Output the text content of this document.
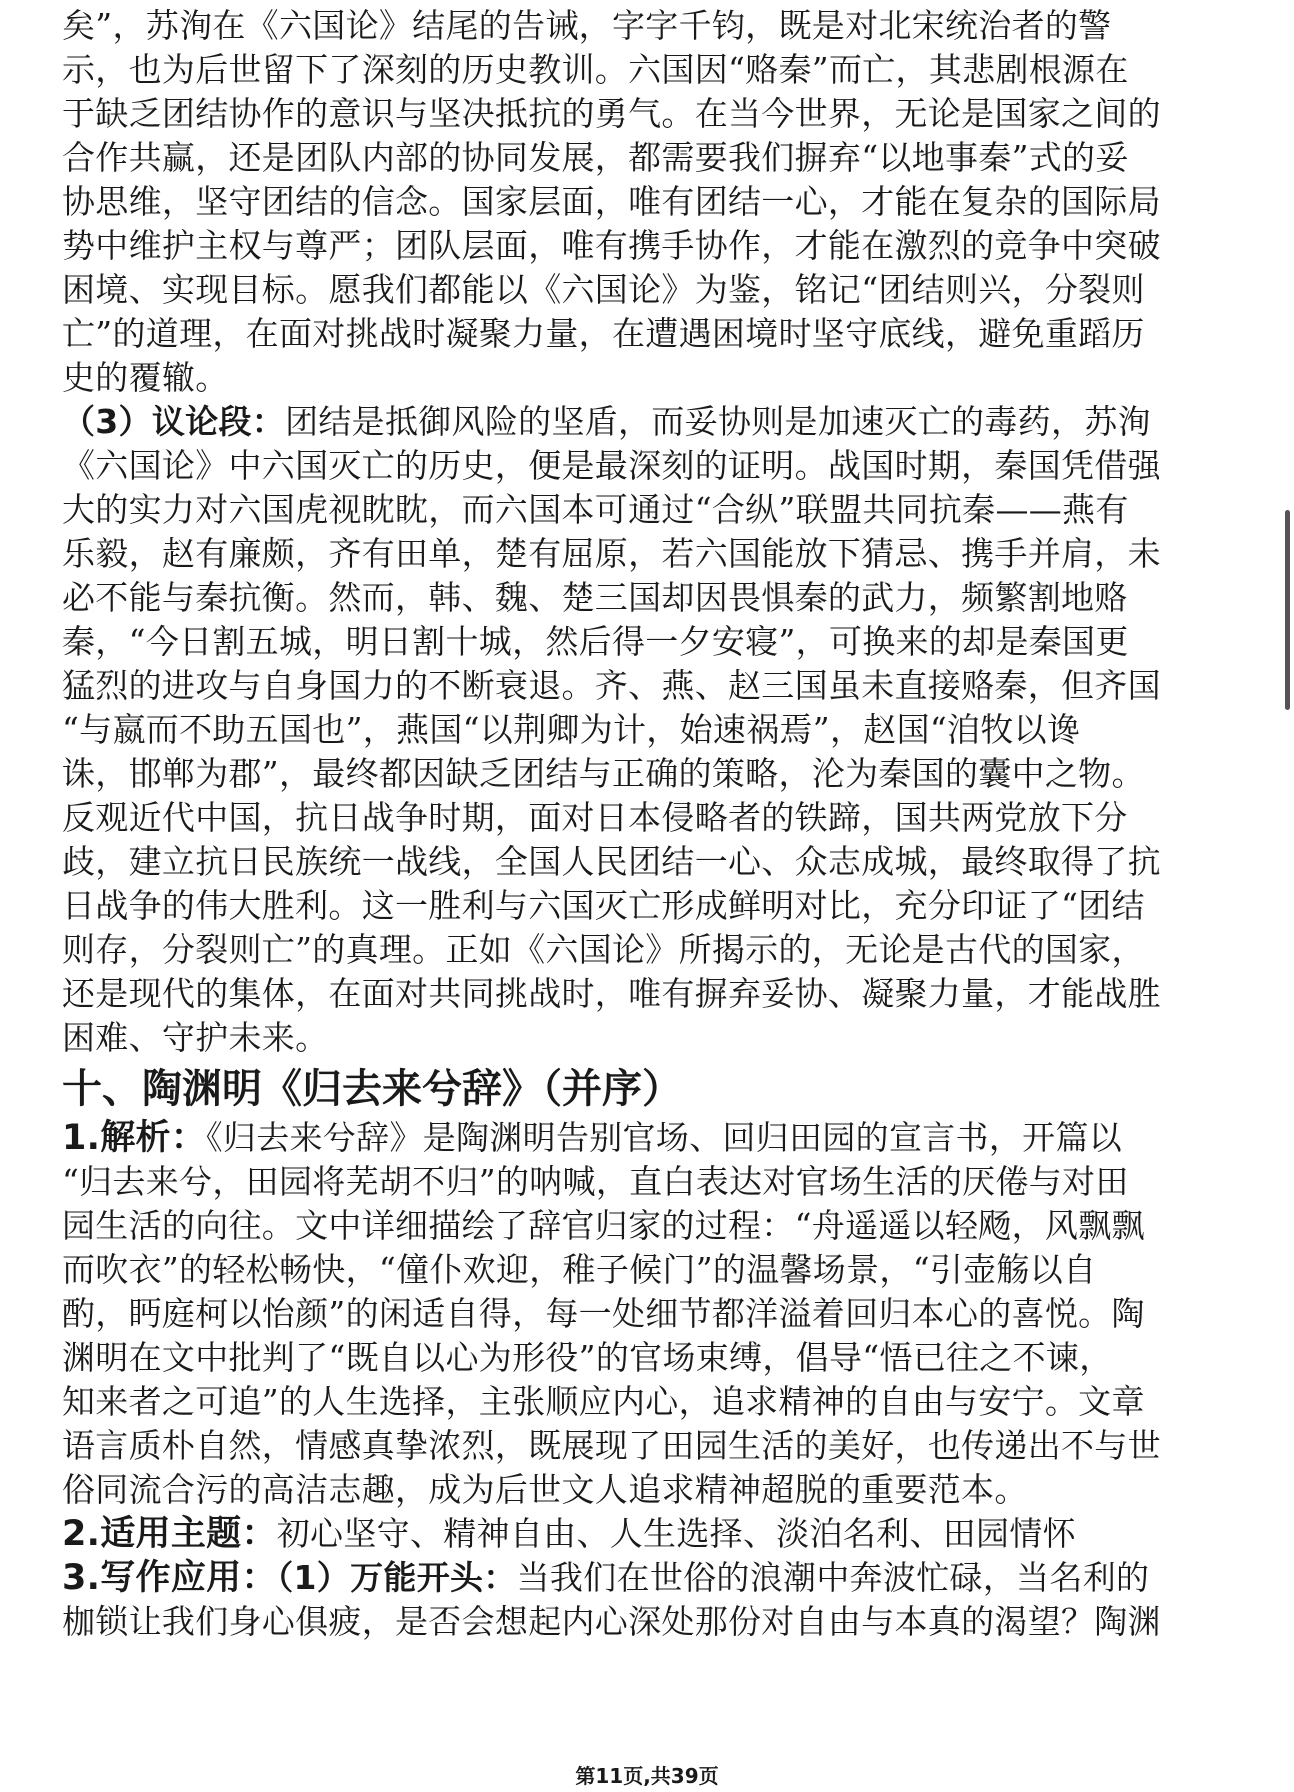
矣”，苏洵在《六国论》结尾的告诫，字字千钧，既是对北宋统治者的警
示，也为后世留下了深刻的历史教训。六国因“赂秦”而亡，其悲剧根源在
于缺乏团结协作的意识与坚决抵抗的勇气。在当今世界，无论是国家之间的
合作共赢，还是团队内部的协同发展，都需要我们摒弃“以地事秦”式的妥
协思维，坚守团结的信念。国家层面，唯有团结一心，才能在复杂的国际局
势中维护主权与尊严；团队层面，唯有携手协作，才能在激烈的竞争中突破
困境、实现目标。愿我们都能以《六国论》为鉴，铭记“团结则兴，分裂则
亡”的道理，在面对挑战时凝聚力量，在遭遇困境时坚守底线，避免重蹈历
史的覆辙。
（3）议论段：团结是抵御风险的坚盾，而妥协则是加速灭亡的毒药，苏洵
《六国论》中六国灭亡的历史，便是最深刻的证明。战国时期，秦国凭借强
大的实力对六国虎视眈眈，而六国本可通过“合纵”联盟共同抗秦——燕有
乐毅，赵有廉颇，齐有田单，楚有屈原，若六国能放下猜忌、携手并肩，未
必不能与秦抗衡。然而，韩、魏、楚三国却因畏惧秦的武力，频繁割地赂
秦，“今日割五城，明日割十城，然后得一夕安寝”，可换来的却是秦国更
猛烈的进攻与自身国力的不断衰退。齐、燕、赵三国虽未直接赂秦，但齐国
“与嬴而不助五国也”，燕国“以荆卿为计，始速祸焉”，赵国“洎牧以谗
诛，邯郸为郡”，最终都因缺乏团结与正确的策略，沦为秦国的囊中之物。
反观近代中国，抗日战争时期，面对日本侵略者的铁蹄，国共两党放下分
歧，建立抗日民族统一战线，全国人民团结一心、众志成城，最终取得了抗
日战争的伟大胜利。这一胜利与六国灭亡形成鲜明对比，充分印证了“团结
则存，分裂则亡”的真理。正如《六国论》所揭示的，无论是古代的国家，
还是现代的集体，在面对共同挑战时，唯有摒弃妥协、凝聚力量，才能战胜
困难、守护未来。
十、陶渊明《归去来兮辞》（并序）
1.解析：《归去来兮辞》是陶渊明告别官场、回归田园的宣言书，开篇以
“归去来兮，田园将芜胡不归”的呐喊，直白表达对官场生活的厌倦与对田
园生活的向往。文中详细描绘了辞官归家的过程：“舟遥遥以轻飏，风飘飘
而吹衣”的轻松畅快，“僮仆欢迎，稚子候门”的温馨场景，“引壶觞以自
酌，眄庭柯以怡颜”的闲适自得，每一处细节都洋溢着回归本心的喜悦。陶
渊明在文中批判了“既自以心为形役”的官场束缚，倡导“悟已往之不谏，
知来者之可追”的人生选择，主张顺应内心，追求精神的自由与安宁。文章
语言质朴自然，情感真挚浓烈，既展现了田园生活的美好，也传递出不与世
俗同流合污的高洁志趣，成为后世文人追求精神超脱的重要范本。
2.适用主题：初心坚守、精神自由、人生选择、淡泊名利、田园情怀
3.写作应用：（1）万能开头：当我们在世俗的浪潮中奔波忙碌，当名利的
枷锁让我们身心俱疲，是否会想起内心深处那份对自由与本真的渴望？陶渊
第11页,共39页
